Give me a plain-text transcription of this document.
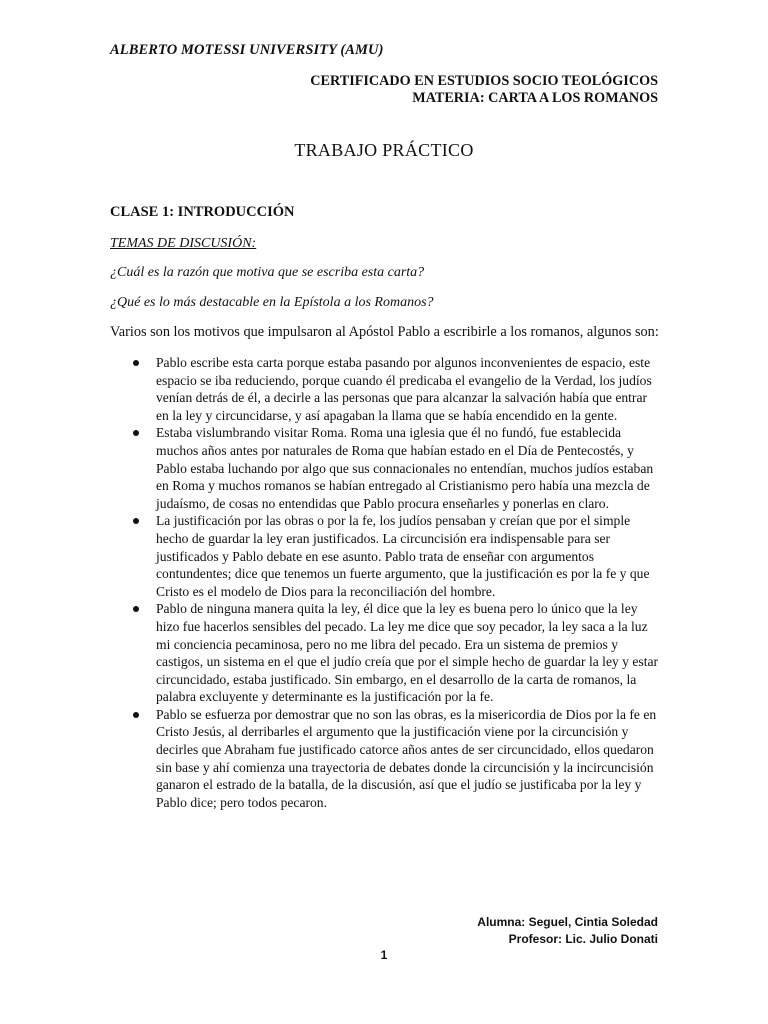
ALBERTO MOTESSI UNIVERSITY (AMU)
CERTIFICADO EN ESTUDIOS SOCIO TEOLÓGICOS
MATERIA: CARTA A LOS ROMANOS
TRABAJO PRÁCTICO
CLASE 1: INTRODUCCIÓN
TEMAS DE DISCUSIÓN:
¿Cuál es la razón que motiva que se escriba esta carta?
¿Qué es lo más destacable en la Epístola a los Romanos?
Varios son los motivos que impulsaron al Apóstol Pablo a escribirle a los romanos, algunos son:
Pablo escribe esta carta porque estaba pasando por algunos inconvenientes de espacio, este espacio se iba reduciendo, porque cuando él predicaba el evangelio de la Verdad, los judíos venían detrás de él, a decirle a las personas que para alcanzar la salvación había que entrar en la ley y circuncidarse, y así apagaban la llama que se había encendido en la gente.
Estaba vislumbrando visitar Roma. Roma una iglesia que él no fundó, fue establecida muchos años antes por naturales de Roma que habían estado en el Día de Pentecostés, y Pablo estaba luchando por algo que sus connacionales no entendían, muchos judíos estaban en Roma y muchos romanos se habían entregado al Cristianismo pero había una mezcla de judaísmo, de cosas no entendidas que Pablo procura enseñarles y ponerlas en claro.
La justificación por las obras o por la fe, los judíos pensaban y creían que por el simple hecho de guardar la ley eran justificados. La circuncisión era indispensable para ser justificados y Pablo debate en ese asunto. Pablo trata de enseñar con argumentos contundentes; dice que tenemos un fuerte argumento, que la justificación es por la fe y que Cristo es el modelo de Dios para la reconciliación del hombre.
Pablo de ninguna manera quita la ley, él dice que la ley es buena pero lo único que la ley hizo fue hacerlos sensibles del pecado. La ley me dice que soy pecador, la ley saca a la luz mi conciencia pecaminosa, pero no me libra del pecado. Era un sistema de premios y castigos, un sistema en el que el judío creía que por el simple hecho de guardar la ley y estar circuncidado, estaba justificado. Sin embargo, en el desarrollo de la carta de romanos, la palabra excluyente y determinante es la justificación por la fe.
Pablo se esfuerza por demostrar que no son las obras, es la misericordia de Dios por la fe en Cristo Jesús, al derribarles el argumento que la justificación viene por la circuncisión y decirles que Abraham fue justificado catorce años antes de ser circuncidado, ellos quedaron sin base y ahí comienza una trayectoria de debates donde la circuncisión y la incircuncisión ganaron el estrado de la batalla, de la discusión, así que el judío se justificaba por la ley y Pablo dice; pero todos pecaron.
Alumna: Seguel, Cintia Soledad
Profesor: Lic. Julio Donati
1
